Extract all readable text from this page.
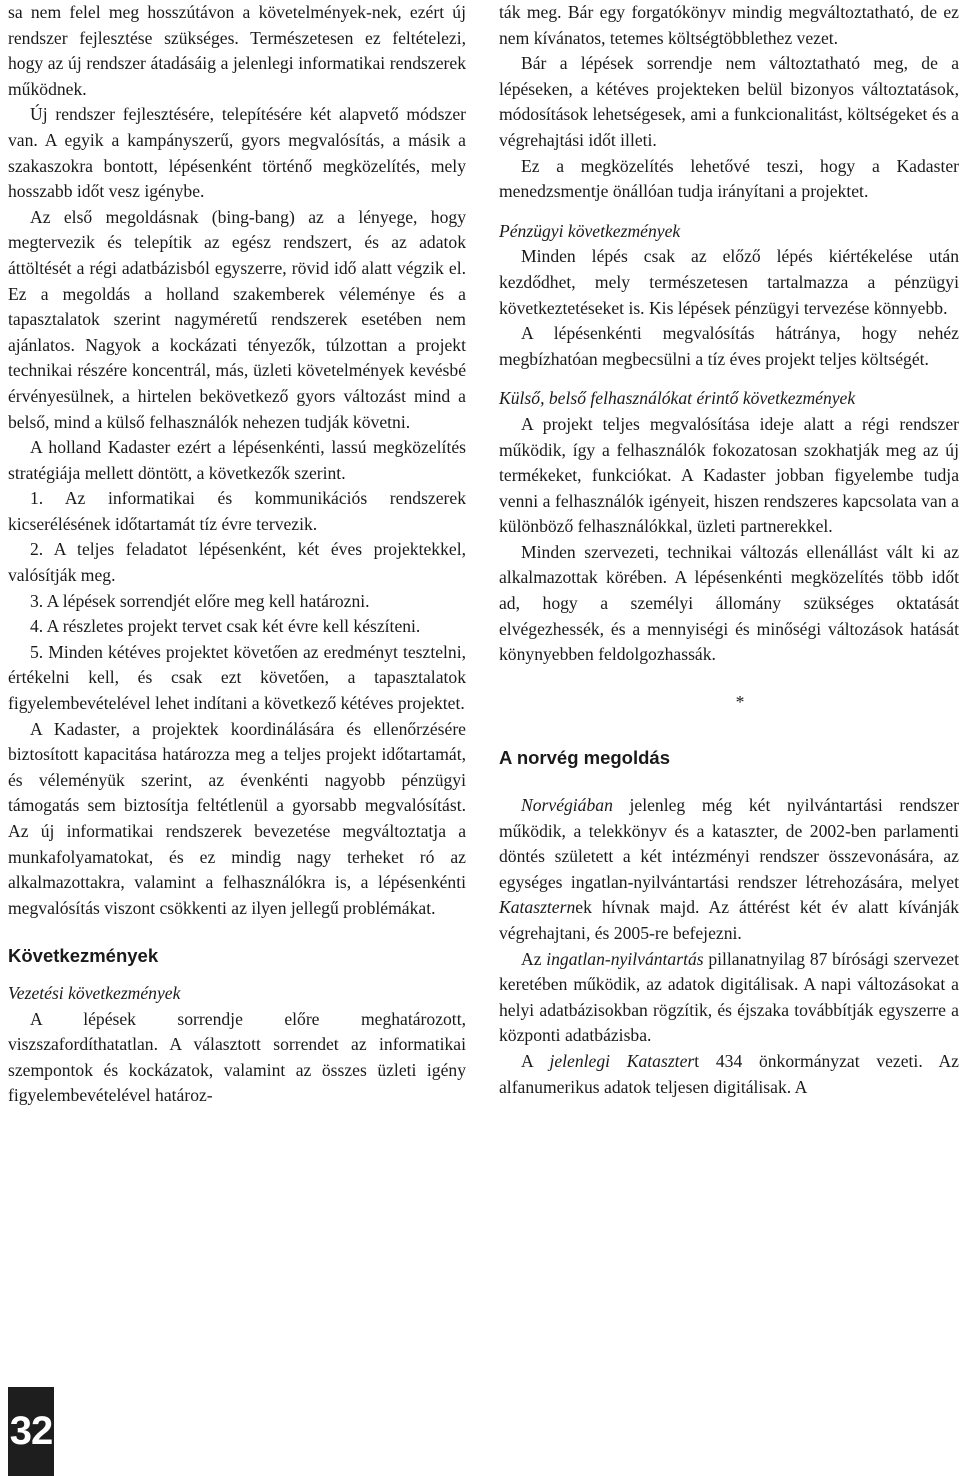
sa nem felel meg hosszútávon a követelmények-nek, ezért új rendszer fejlesztése szükséges. Természetesen ez feltételezi, hogy az új rendszer átadásáig a jelenlegi informatikai rendszerek működnek.

Új rendszer fejlesztésére, telepítésére két alapvető módszer van. A egyik a kampányszerű, gyors megvalósítás, a másik a szakaszokra bontott, lépésenként történő megközelítés, mely hosszabb időt vesz igénybe.

Az első megoldásnak (bing-bang) az a lényege, hogy megtervezik és telepítik az egész rendszert, és az adatok áttöltését a régi adatbázisból egyszerre, rövid idő alatt végzik el. Ez a megoldás a holland szakemberek véleménye és a tapasztalatok szerint nagyméretű rendszerek esetében nem ajánlatos. Nagyok a kockázati tényezők, túlzottan a projekt technikai részére koncentrál, más, üzleti követelmények kevésbé érvényesülnek, a hirtelen bekövetkező gyors változást mind a belső, mind a külső felhasználók nehezen tudják követni.

A holland Kadaster ezért a lépésenkénti, lassú megközelítés stratégiája mellett döntött, a következők szerint.

1. Az informatikai és kommunikációs rendszerek kicserélésének időtartamát tíz évre tervezik.

2. A teljes feladatot lépésenként, két éves projektekkel, valósítják meg.

3. A lépések sorrendjét előre meg kell határozni.

4. A részletes projekt tervet csak két évre kell készíteni.

5. Minden kétéves projektet követően az eredményt tesztelni, értékelni kell, és csak ezt követően, a tapasztalatok figyelembevételével lehet indítani a következő kétéves projektet.

A Kadaster, a projektek koordinálására és ellenőrzésére biztosított kapacitása határozza meg a teljes projekt időtartamát, és véleményük szerint, az évenkénti nagyobb pénzügyi támogatás sem biztosítja feltétlenül a gyorsabb megvalósítást. Az új informatikai rendszerek bevezetése megváltoztatja a munkafolyamatokat, és ez mindig nagy terheket ró az alkalmazottakra, valamint a felhasználókra is, a lépésenkénti megvalósítás viszont csökkenti az ilyen jellegű problémákat.

Következmények
Vezetési következmények

A lépések sorrendje előre meghatározott, viszszafordíthatatlan. A választott sorrendet az informatikai szempontok és kockázatok, valamint az összes üzleti igény figyelembevételével határoz-

ták meg. Bár egy forgatókönyv mindig megváltoztatható, de ez nem kívánatos, tetemes költségtöbblethez vezet.

Bár a lépések sorrendje nem változtatható meg, de a lépéseken, a kétéves projekteken belül bizonyos változtatások, módosítások lehetségesek, ami a funkcionalitást, költségeket és a végrehajtási időt illeti.

Ez a megközelítés lehetővé teszi, hogy a Kadaster menedzsmentje önállóan tudja irányítani a projektet.

Pénzügyi következmények

Minden lépés csak az előző lépés kiértékelése után kezdődhet, mely természetesen tartalmazza a pénzügyi következtetéseket is. Kis lépések pénzügyi tervezése könnyebb.

A lépésenkénti megvalósítás hátránya, hogy nehéz megbízhatóan megbecsülni a tíz éves projekt teljes költségét.

Külső, belső felhasználókat érintő következmények

A projekt teljes megvalósítása ideje alatt a régi rendszer működik, így a felhasználók fokozatosan szokhatják meg az új termékeket, funkciókat. A Kadaster jobban figyelembe tudja venni a felhasználók igényeit, hiszen rendszeres kapcsolata van a különböző felhasználókkal, üzleti partnerekkel.

Minden szervezeti, technikai változás ellenállást vált ki az alkalmazottak körében. A lépésenkénti megközelítés több időt ad, hogy a személyi állomány szükséges oktatását elvégezhessék, és a mennyiségi és minőségi változások hatását könynyebben feldolgozhassák.

*

A norvég megoldás

Norvégiában jelenleg még két nyilvántartási rendszer működik, a telekkönyv és a kataszter, de 2002-ben parlamenti döntés született a két intézményi rendszer összevonására, az egységes ingatlan-nyilvántartási rendszer létrehozására, melyet Kataszternek hívnak majd. Az áttérést két év alatt kívánják végrehajtani, és 2005-re befejezni.

Az ingatlan-nyilvántartás pillanatnyilag 87 bírósági szervezet keretében működik, az adatok digitálisak. A napi változásokat a helyi adatbázisokban rögzítik, és éjszaka továbbítják egyszerre a központi adatbázisba.

A jelenlegi Katasztert 434 önkormányzat vezeti. Az alfanumerikus adatok teljesen digitálisak. A

32
